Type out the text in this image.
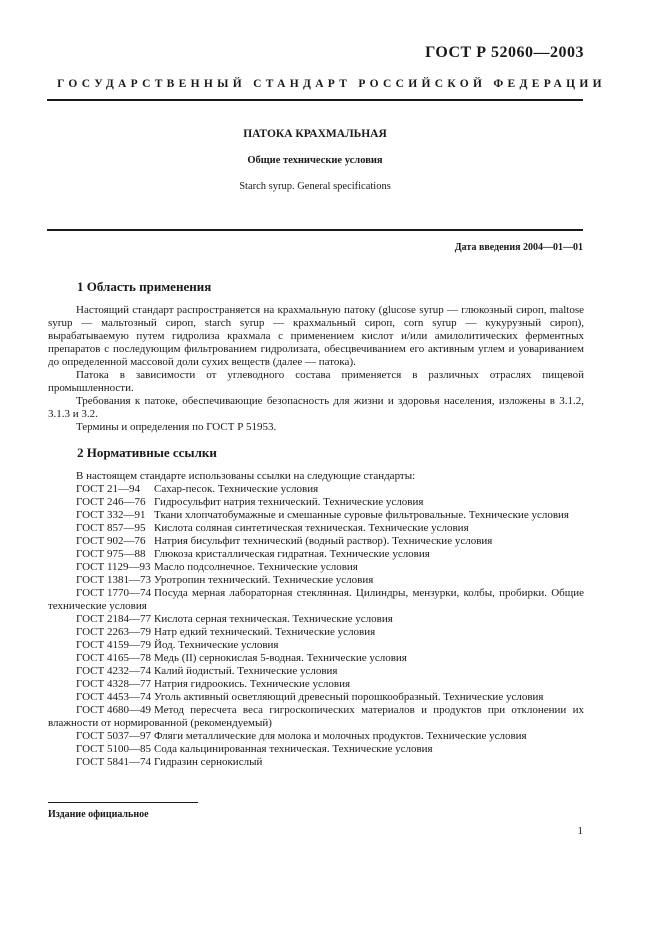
ГОСТ Р 52060—2003
ГОСУДАРСТВЕННЫЙ СТАНДАРТ РОССИЙСКОЙ ФЕДЕРАЦИИ
ПАТОКА КРАХМАЛЬНАЯ
Общие технические условия
Starch syrup. General specifications
Дата введения 2004—01—01
1 Область применения

Настоящий стандарт распространяется на крахмальную патоку (glucose syrup — глюкозный сироп, maltose syrup — мальтозный сироп, starch syrup — крахмальный сироп, corn syrup — кукурузный сироп), вырабатываемую путем гидролиза крахмала с применением кислот и/или амилолитических ферментных препаратов с последующим фильтрованием гидролизата, обесцвечиванием его активным углем и уовариванием до определенной массовой доли сухих веществ (далее — патока).

Патока в зависимости от углеводного состава применяется в различных отраслях пищевой промышленности.

Требования к патоке, обеспечивающие безопасность для жизни и здоровья населения, изложены в 3.1.2, 3.1.3 и 3.2.

Термины и определения по ГОСТ Р 51953.

2 Нормативные ссылки

В настоящем стандарте использованы ссылки на следующие стандарты:

ГОСТ 21—94 Сахар-песок. Технические условия

ГОСТ 246—76 Гидросульфит натрия технический. Технические условия

ГОСТ 332—91 Ткани хлопчатобумажные и смешанные суровые фильтровальные. Технические условия

ГОСТ 857—95 Кислота соляная синтетическая техническая. Технические условия

ГОСТ 902—76 Натрия бисульфит технический (водный раствор). Технические условия

ГОСТ 975—88 Глюкоза кристаллическая гидратная. Технические условия

ГОСТ 1129—93 Масло подсолнечное. Технические условия

ГОСТ 1381—73 Уротропин технический. Технические условия

ГОСТ 1770—74 Посуда мерная лабораторная стеклянная. Цилиндры, мензурки, колбы, пробирки. Общие технические условия

ГОСТ 2184—77 Кислота серная техническая. Технические условия

ГОСТ 2263—79 Натр едкий технический. Технические условия

ГОСТ 4159—79 Йод. Технические условия

ГОСТ 4165—78 Медь (II) сернокислая 5-водная. Технические условия

ГОСТ 4232—74 Калий йодистый. Технические условия

ГОСТ 4328—77 Натрия гидроокись. Технические условия

ГОСТ 4453—74 Уголь активный осветляющий древесный порошкообразный. Технические условия

ГОСТ 4680—49 Метод пересчета веса гигроскопических материалов и продуктов при отклонении их влажности от нормированной (рекомендуемый)

ГОСТ 5037—97 Фляги металлические для молока и молочных продуктов. Технические условия

ГОСТ 5100—85 Сода кальцинированная техническая. Технические условия

ГОСТ 5841—74 Гидразин сернокислый

Издание официальное
1
